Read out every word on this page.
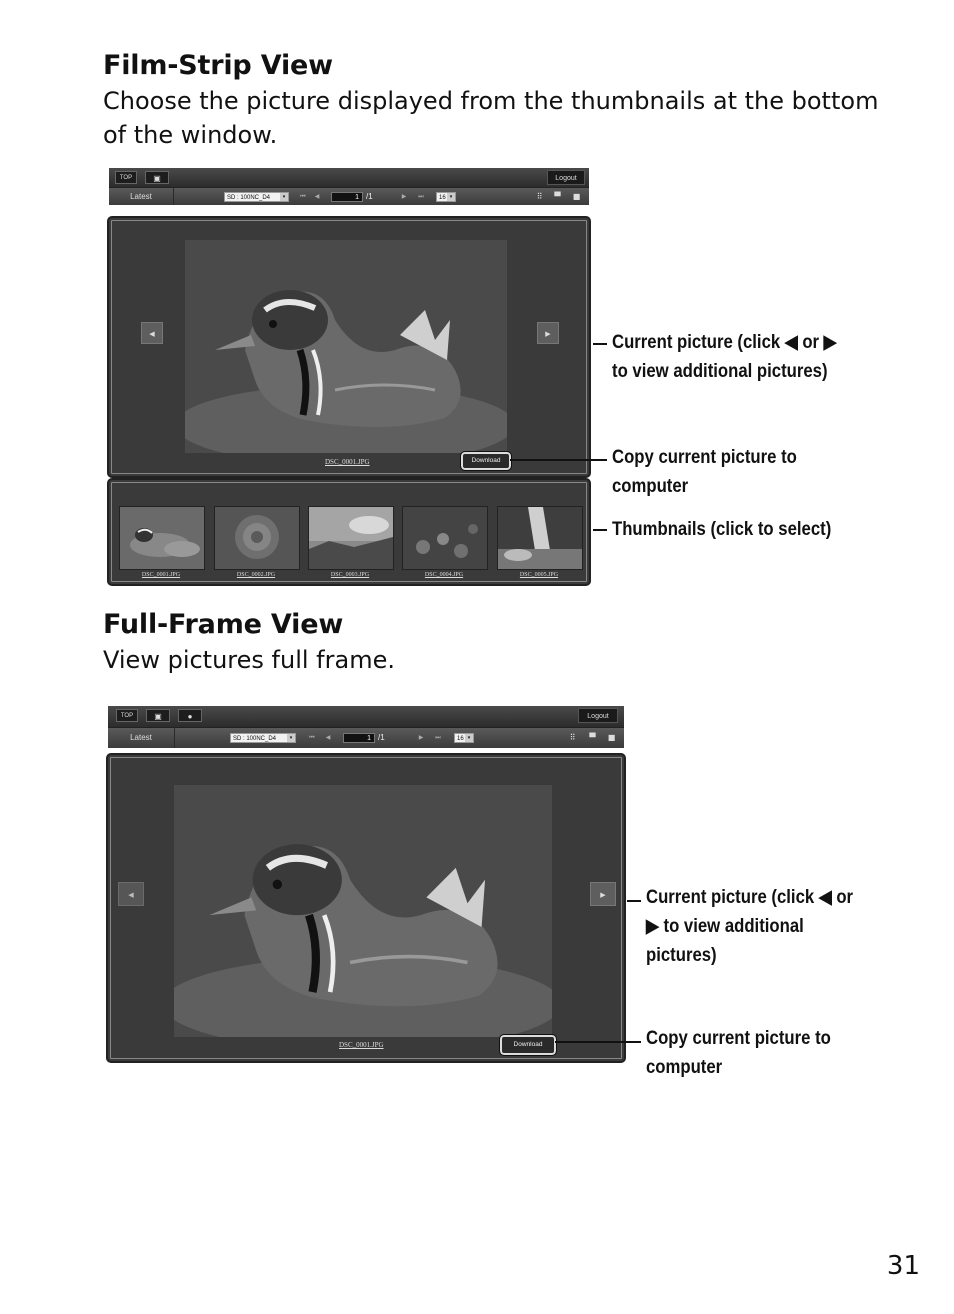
Film-Strip View

Choose the picture displayed from the thumbnails at the bottom of the window.

TOP	▣	Logout
Latest	SD : 100NC_D4	▾	⏮	◀	1 /1	▶	⏭	16 ▾	⠿	▀	■
◀	▶
DSC_0001.JPG	Download
DSC_0001.JPG	DSC_0002.JPG	DSC_0003.JPG	DSC_0004.JPG	DSC_0005.JPG
Current picture (click ◀ or ▶
to view additional pictures)
Copy current picture to
computer
Thumbnails (click to select)
Full-Frame View

View pictures full frame.

TOP	▣	●	Logout
Latest	SD : 100NC_D4	▾	⏮	◀	1 /1	▶	⏭	16 ▾	⠿	▀	■
◀	▶
DSC_0001.JPG	Download
Current picture (click ◀ or
▶ to view additional
pictures)
Copy current picture to
computer
31
